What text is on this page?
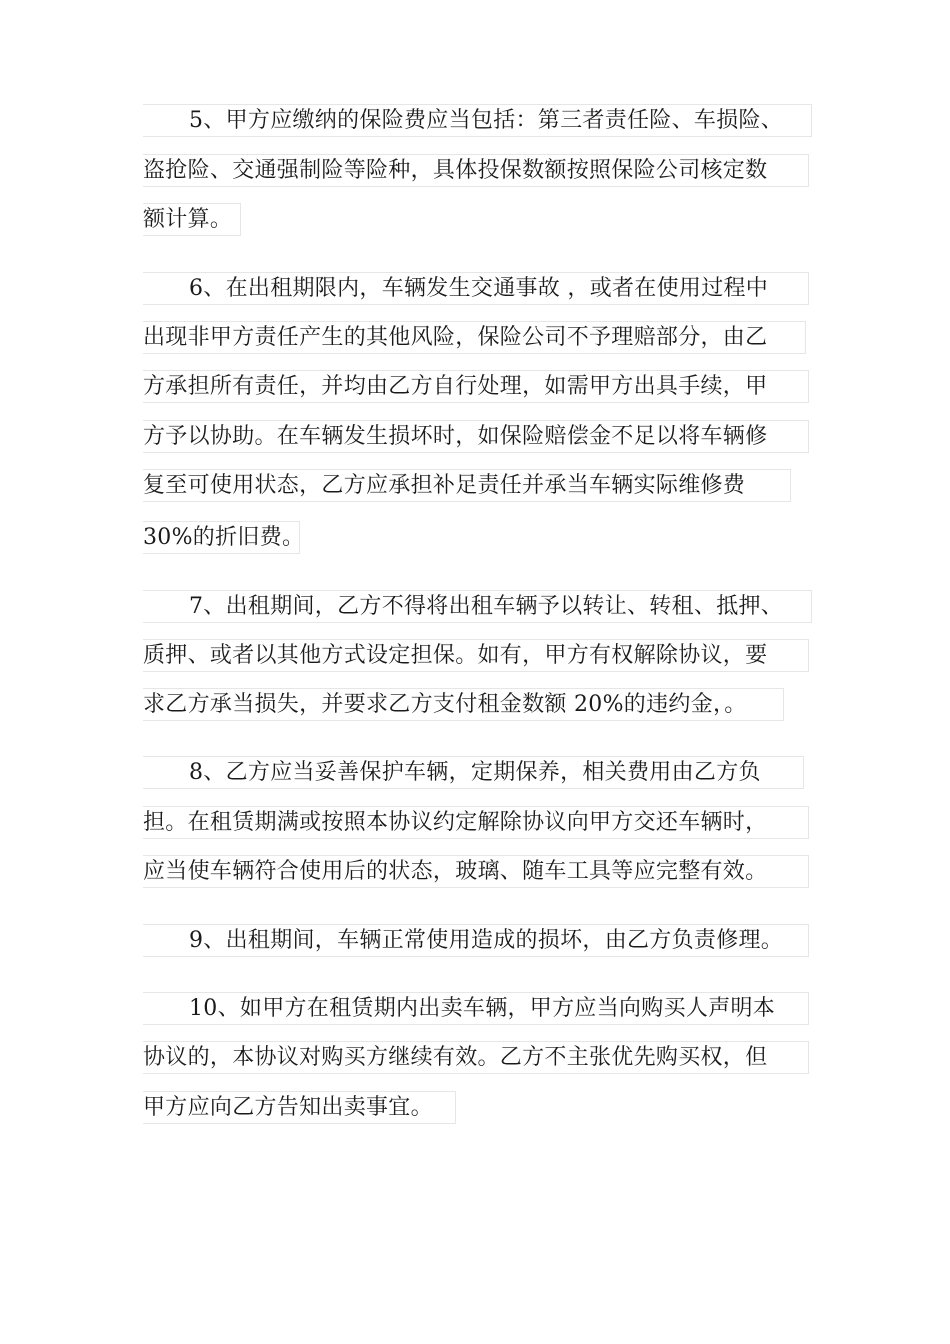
5、甲方应缴纳的保险费应当包括：第三者责任险、车损险、
盗抢险、交通强制险等险种，具体投保数额按照保险公司核定数
额计算。
6、在出租期限内，车辆发生交通事故 ，或者在使用过程中
出现非甲方责任产生的其他风险，保险公司不予理赔部分，由乙
方承担所有责任，并均由乙方自行处理，如需甲方出具手续，甲
方予以协助。在车辆发生损坏时，如保险赔偿金不足以将车辆修
复至可使用状态，乙方应承担补足责任并承当车辆实际维修费
30%的折旧费。
7、出租期间，乙方不得将出租车辆予以转让、转租、抵押、
质押、或者以其他方式设定担保。如有，甲方有权解除协议，要
求乙方承当损失，并要求乙方支付租金数额 20%的违约金，。
8、乙方应当妥善保护车辆，定期保养，相关费用由乙方负
担。在租赁期满或按照本协议约定解除协议向甲方交还车辆时，
应当使车辆符合使用后的状态，玻璃、随车工具等应完整有效。
9、出租期间，车辆正常使用造成的损坏，由乙方负责修理。
10、如甲方在租赁期内出卖车辆，甲方应当向购买人声明本
协议的，本协议对购买方继续有效。乙方不主张优先购买权，但
甲方应向乙方告知出卖事宜。
